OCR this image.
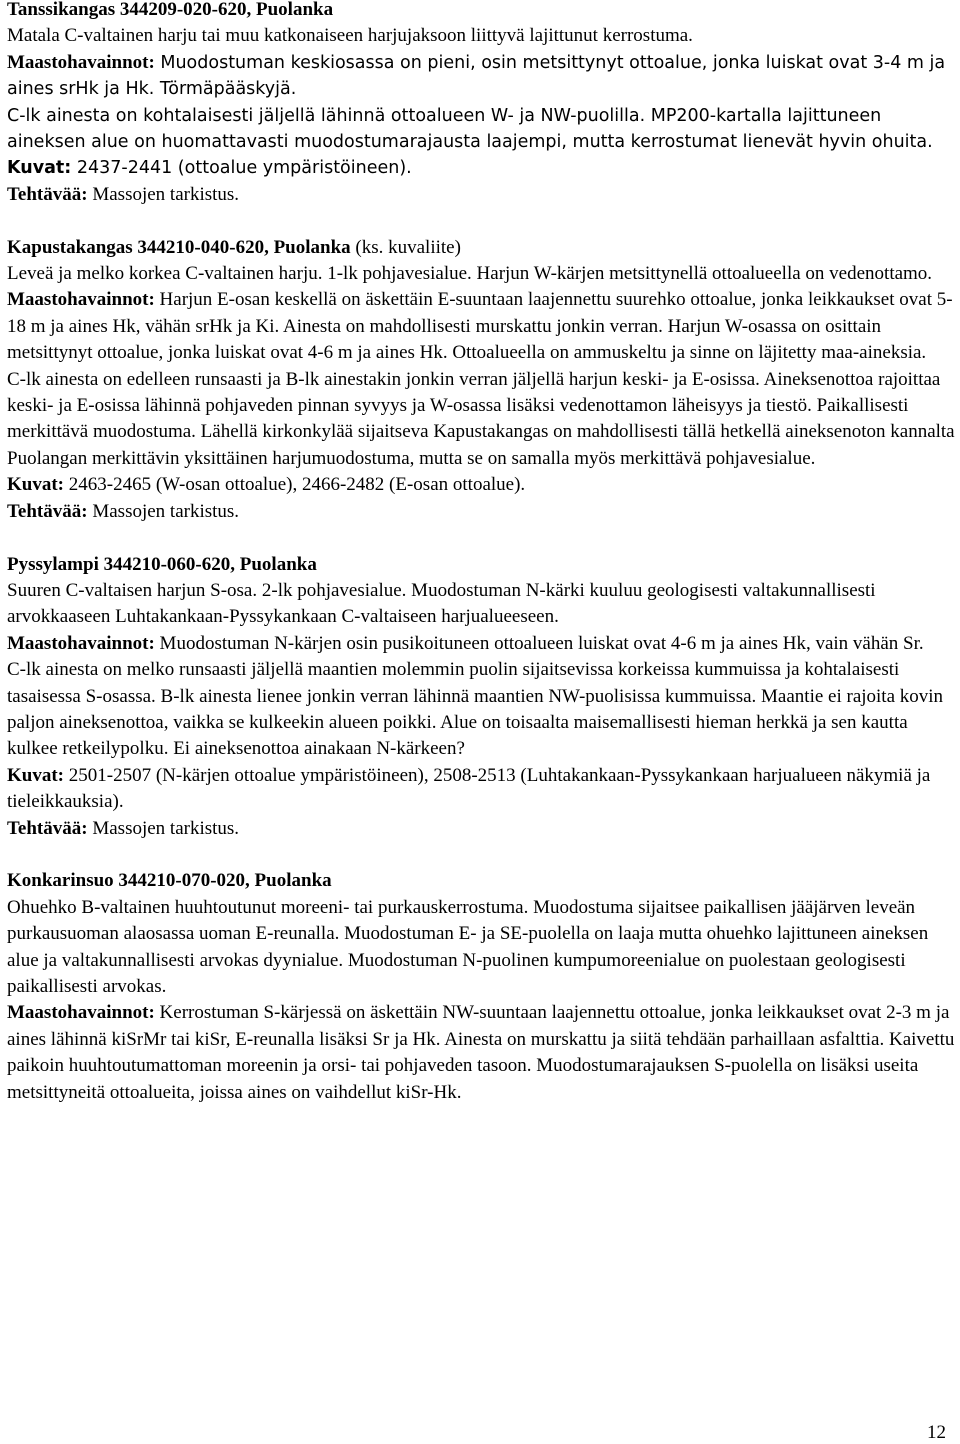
Tanssikangas 344209-020-620, Puolanka

Matala C-valtainen harju tai muu katkonaiseen harjujaksoon liittyvä lajittunut kerrostuma.

Maastohavainnot: Muodostuman keskiosassa on pieni, osin metsittynyt ottoalue, jonka luiskat ovat 3-4 m ja aines srHk ja Hk. Törmäpääskyjä.

C-lk ainesta on kohtalaisesti jäljellä lähinnä ottoalueen W- ja NW-puolilla. MP200-kartalla lajittuneen aineksen alue on huomattavasti muodostumarajausta laajempi, mutta kerrostumat lienevät hyvin ohuita.

Kuvat: 2437-2441 (ottoalue ympäristöineen).

Tehtävää: Massojen tarkistus.

Kapustakangas 344210-040-620, Puolanka (ks. kuvaliite)

Leveä ja melko korkea C-valtainen harju. 1-lk pohjavesialue. Harjun W-kärjen metsittynellä ottoalueella on vedenottamo.

Maastohavainnot: Harjun E-osan keskellä on äskettäin E-suuntaan laajennettu suurehko ottoalue, jonka leikkaukset ovat 5-18 m ja aines Hk, vähän srHk ja Ki. Ainesta on mahdollisesti murskattu jonkin verran. Harjun W-osassa on osittain metsittynyt ottoalue, jonka luiskat ovat 4-6 m ja aines Hk. Ottoalueella on ammuskeltu ja sinne on läjitetty maa-aineksia.

C-lk ainesta on edelleen runsaasti ja B-lk ainestakin jonkin verran jäljellä harjun keski- ja E-osissa. Aineksenottoa rajoittaa keski- ja E-osissa lähinnä pohjaveden pinnan syvyys ja W-osassa lisäksi vedenottamon läheisyys ja tiestö. Paikallisesti merkittävä muodostuma. Lähellä kirkonkylää sijaitseva Kapustakangas on mahdollisesti tällä hetkellä aineksenoton kannalta Puolangan merkittävin yksittäinen harjumuodostuma, mutta se on samalla myös merkittävä pohjavesialue.

Kuvat: 2463-2465 (W-osan ottoalue), 2466-2482 (E-osan ottoalue).

Tehtävää: Massojen tarkistus.

Pyssylampi 344210-060-620, Puolanka

Suuren C-valtaisen harjun S-osa. 2-lk pohjavesialue. Muodostuman N-kärki kuuluu geologisesti valtakunnallisesti arvokkaaseen Luhtakankaan-Pyssykankaan C-valtaiseen harjualueeseen.

Maastohavainnot: Muodostuman N-kärjen osin pusikoituneen ottoalueen luiskat ovat 4-6 m ja aines Hk, vain vähän Sr.

C-lk ainesta on melko runsaasti jäljellä maantien molemmin puolin sijaitsevissa korkeissa kummuissa ja kohtalaisesti tasaisessa S-osassa. B-lk ainesta lienee jonkin verran lähinnä maantien NW-puolisissa kummuissa. Maantie ei rajoita kovin paljon aineksenottoa, vaikka se kulkeekin alueen poikki. Alue on toisaalta maisemallisesti hieman herkkä ja sen kautta kulkee retkeilypolku. Ei aineksenottoa ainakaan N-kärkeen?

Kuvat: 2501-2507 (N-kärjen ottoalue ympäristöineen), 2508-2513 (Luhtakankaan-Pyssykankaan harjualueen näkymiä ja tieleikkauksia).

Tehtävää: Massojen tarkistus.

Konkarinsuo 344210-070-020, Puolanka

Ohuehko B-valtainen huuhtoutunut moreeni- tai purkauskerrostuma. Muodostuma sijaitsee paikallisen jääjärven leveän purkausuoman alaosassa uoman E-reunalla. Muodostuman E- ja SE-puolella on laaja mutta ohuehko lajittuneen aineksen alue ja valtakunnallisesti arvokas dyynialue. Muodostuman N-puolinen kumpumoreenialue on puolestaan geologisesti paikallisesti arvokas.

Maastohavainnot: Kerrostuman S-kärjessä on äskettäin NW-suuntaan laajennettu ottoalue, jonka leikkaukset ovat 2-3 m ja aines lähinnä kiSrMr tai kiSr, E-reunalla lisäksi Sr ja Hk. Ainesta on murskattu ja siitä tehdään parhaillaan asfalttia. Kaivettu paikoin huuhtoutumattoman moreenin ja orsi- tai pohjaveden tasoon. Muodostumarajauksen S-puolella on lisäksi useita metsittyneitä ottoalueita, joissa aines on vaihdellut kiSr-Hk.

12
